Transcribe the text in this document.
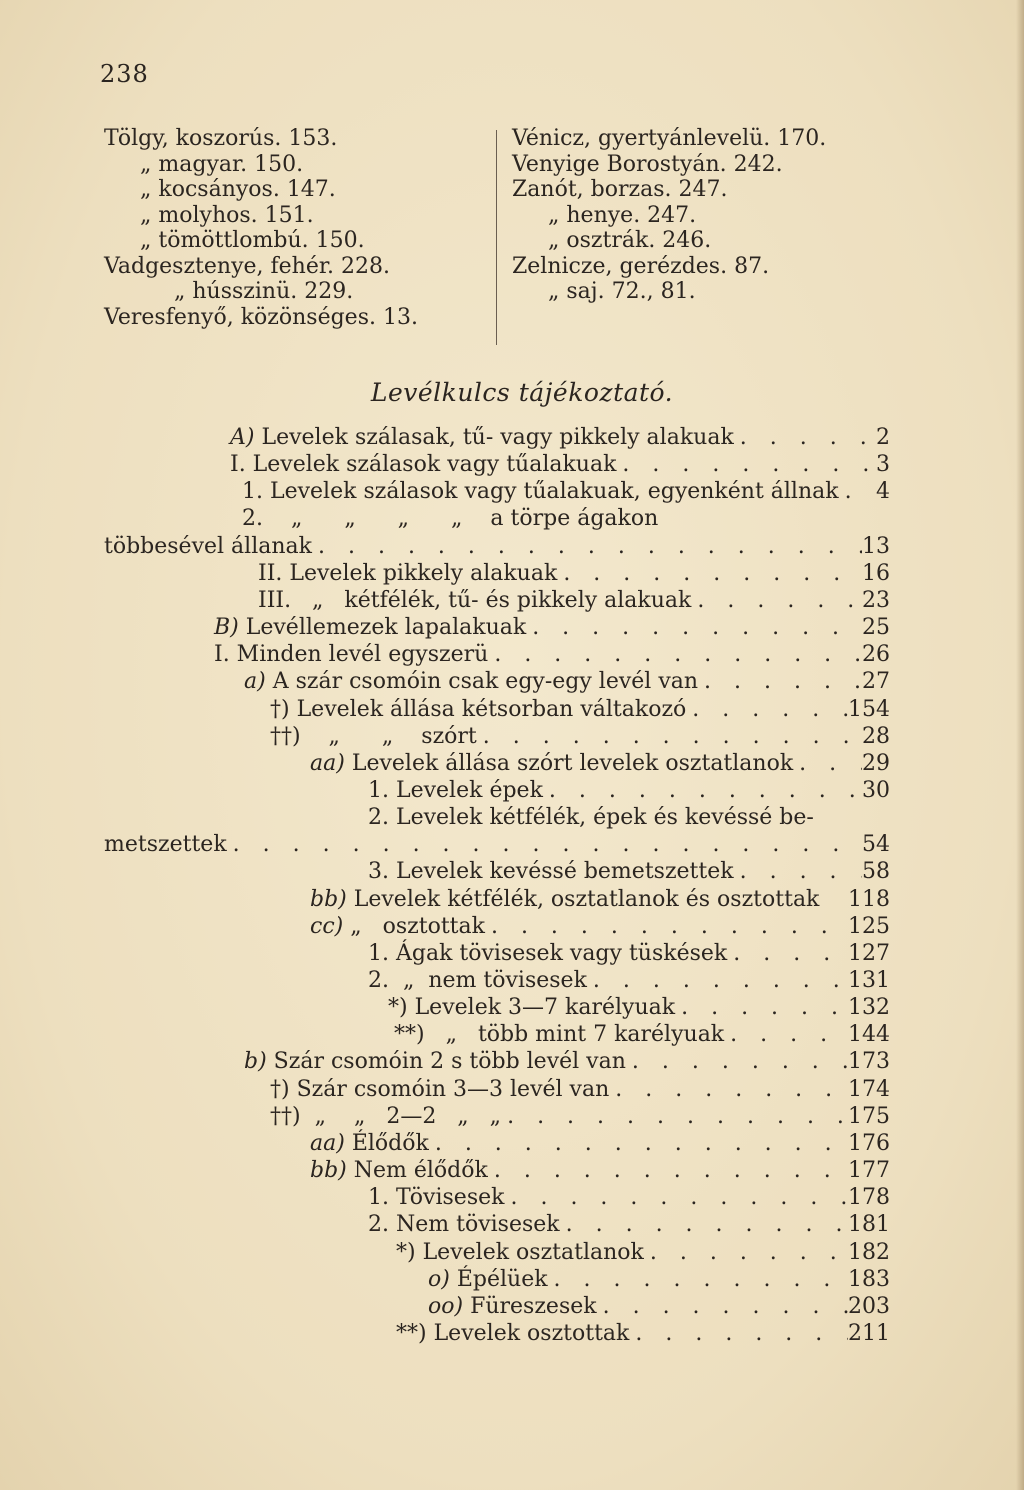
238
Tölgy, koszorús. 153.
„ magyar. 150.
„ kocsányos. 147.
„ molyhos. 151.
„ tömöttlombú. 150.
Vadgesztenye, fehér. 228.
„ hússzinü. 229.
Veresfenyő, közönséges. 13.
Vénicz, gyertyánlevelü. 170.
Venyige Borostyán. 242.
Zanót, borzas. 247.
„ henye. 247.
„ osztrák. 246.
Zelnicze, gerézdes. 87.
„ saj. 72., 81.
Levélkulcs tájékoztató.
A) Levelek szálasak, tű- vagy pikkely alakuak . . .	2
I. Levelek szálasok vagy tűalakuak . . .	3
1. Levelek szálasok vagy tűalakuak, egyenként állnak . . . 4
2.    „      „      „      „    a törpe ágakon
többesével állanak . . .	13
II. Levelek pikkely alakuak . . .	16
III.   „   kétfélék, tű- és pikkely alakuak . . .	23
B) Levéllemezek lapalakuak . . .	25
I. Minden levél egyszerü . . .	26
a) A szár csomóin csak egy-egy levél van . . .	27
†) Levelek állása kétsorban váltakozó . . .	154
††)    „      „    szórt . . .	28
aa) Levelek állása szórt levelek osztatlanok . . .	29
1. Levelek épek . . .	30
2. Levelek kétfélék, épek és kevéssé be-
metszettek . . .	54
3. Levelek kevéssé bemetszettek . . .	58
bb) Levelek kétfélék, osztatlanok és osztottak 118
cc) „   osztottak . . .	125
1. Ágak tövisesek vagy tüskések . . .	127
2.  „  nem tövisesek . . .	131
*) Levelek 3—7 karélyuak . . .	132
**)   „   több mint 7 karélyuak . . .	144
b) Szár csomóin 2 s több levél van . . .	173
†) Szár csomóin 3—3 levél van . . .	174
††)  „    „   2—2   „   „ . . .	175
aa) Élődők . . .	176
bb) Nem élődők . . .	177
1. Tövisesek . . .	178
2. Nem tövisesek . . .	181
*) Levelek osztatlanok . . .	182
o) Épélüek . . .	183
oo) Füreszesek . . .	203
**) Levelek osztottak . . .	211
